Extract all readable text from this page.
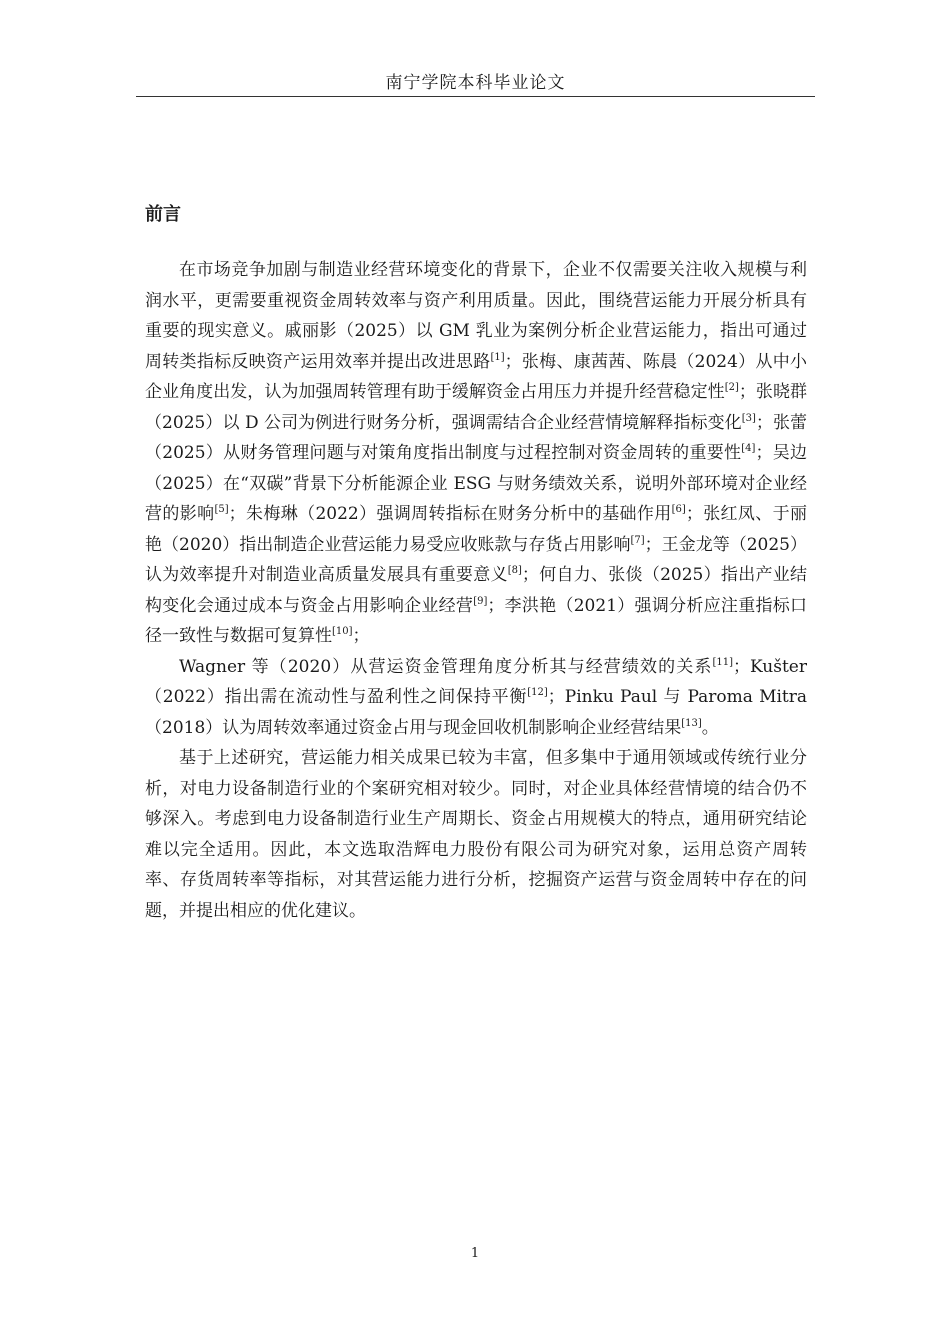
南宁学院本科毕业论文
前言

在市场竞争加剧与制造业经营环境变化的背景下，企业不仅需要关注收入规模与利润水平，更需要重视资金周转效率与资产利用质量。因此，围绕营运能力开展分析具有重要的现实意义。戚丽影（2025）以 GM 乳业为案例分析企业营运能力，指出可通过周转类指标反映资产运用效率并提出改进思路[1]；张梅、康茜茜、陈晨（2024）从中小企业角度出发，认为加强周转管理有助于缓解资金占用压力并提升经营稳定性[2]；张晓群（2025）以 D 公司为例进行财务分析，强调需结合企业经营情境解释指标变化[3]；张蕾（2025）从财务管理问题与对策角度指出制度与过程控制对资金周转的重要性[4]；吴边（2025）在“双碳”背景下分析能源企业 ESG 与财务绩效关系，说明外部环境对企业经营的影响[5]；朱梅琳（2022）强调周转指标在财务分析中的基础作用[6]；张红凤、于丽艳（2020）指出制造企业营运能力易受应收账款与存货占用影响[7]；王金龙等（2025）认为效率提升对制造业高质量发展具有重要意义[8]；何自力、张倓（2025）指出产业结构变化会通过成本与资金占用影响企业经营[9]；李洪艳（2021）强调分析应注重指标口径一致性与数据可复算性[10]；

Wagner 等（2020）从营运资金管理角度分析其与经营绩效的关系[11]；Kušter（2022）指出需在流动性与盈利性之间保持平衡[12]；Pinku Paul 与 Paroma Mitra（2018）认为周转效率通过资金占用与现金回收机制影响企业经营结果[13]。

基于上述研究，营运能力相关成果已较为丰富，但多集中于通用领域或传统行业分析，对电力设备制造行业的个案研究相对较少。同时，对企业具体经营情境的结合仍不够深入。考虑到电力设备制造行业生产周期长、资金占用规模大的特点，通用研究结论难以完全适用。因此，本文选取浩辉电力股份有限公司为研究对象，运用总资产周转率、存货周转率等指标，对其营运能力进行分析，挖掘资产运营与资金周转中存在的问题，并提出相应的优化建议。

1
